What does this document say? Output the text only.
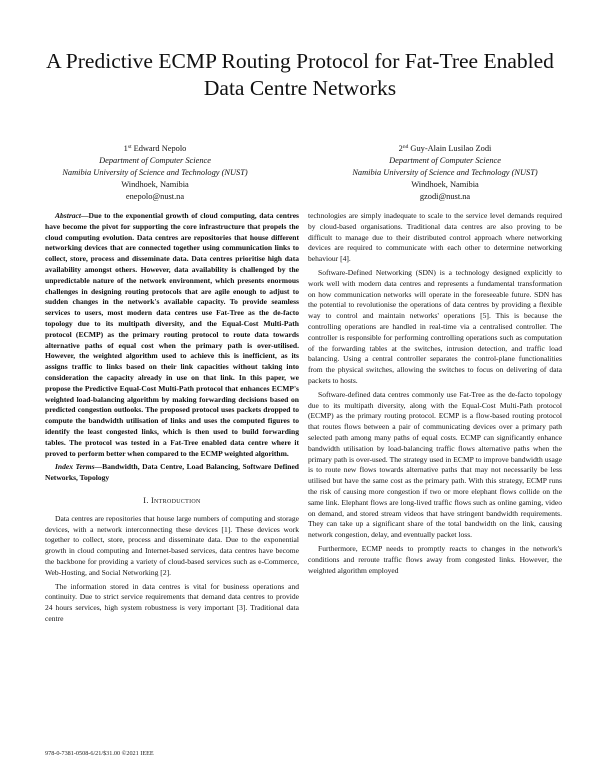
A Predictive ECMP Routing Protocol for Fat-Tree Enabled Data Centre Networks
1st Edward Nepolo
Department of Computer Science
Namibia University of Science and Technology (NUST)
Windhoek, Namibia
enepolo@nust.na
2nd Guy-Alain Lusilao Zodi
Department of Computer Science
Namibia University of Science and Technology (NUST)
Windhoek, Namibia
gzodi@nust.na

Abstract—Due to the exponential growth of cloud computing, data centres have become the pivot for supporting the core infrastructure that propels the cloud computing evolution. Data centres are repositories that house different networking devices that are connected together using communication links to collect, store, process and disseminate data. Data centres prioritise high data availability amongst others. However, data availability is challenged by the unpredictable nature of the network environment, which presents enormous challenges in designing routing protocols that are agile enough to adjust to sudden changes in the network's available capacity. To provide seamless services to users, most modern data centres use Fat-Tree as the de-facto topology due to its multipath diversity, and the Equal-Cost Multi-Path protocol (ECMP) as the primary routing protocol to route data towards alternative paths of equal cost when the primary path is over-utilised. However, the weighted algorithm used to achieve this is inefficient, as its assigns traffic to links based on their link capacities without taking into consideration the capacity already in use on that link. In this paper, we propose the Predictive Equal-Cost Multi-Path protocol that enhances ECMP's weighted load-balancing algorithm by making forwarding decisions based on predicted congestion outlooks. The proposed protocol uses packets dropped to compute the bandwidth utilisation of links and uses the computed figures to identify the least congested links, which is then used to build forwarding tables. The protocol was tested in a Fat-Tree enabled data centre where it proved to perform better when compared to the ECMP weighted algorithm.

Index Terms—Bandwidth, Data Centre, Load Balancing, Software Defined Networks, Topology

I. Introduction

Data centres are repositories that house large numbers of computing and storage devices, with a network interconnecting these devices [1]. These devices work together to collect, store, process and disseminate data. Due to the exponential growth in cloud computing and Internet-based services, data centres have become the backbone for providing a variety of cloud-based services such as e-Commerce, Web-Hosting, and Social Networking [2].

The information stored in data centres is vital for business operations and continuity. Due to strict service requirements that demand data centres to provide 24 hours services, high system robustness is very important [3]. Traditional data centre

technologies are simply inadequate to scale to the service level demands required by cloud-based organisations. Traditional data centres are also proving to be difficult to manage due to their distributed control approach where networking devices are required to communicate with each other to determine networking behaviour [4].

Software-Defined Networking (SDN) is a technology designed explicitly to work well with modern data centres and represents a fundamental transformation on how communication networks will operate in the foreseeable future. SDN has the potential to revolutionise the operations of data centres by providing a flexible way to control and maintain networks' operations [5]. This is because the controlling operations are handled in real-time via a centralised controller. The controller is responsible for performing controlling operations such as computation of the forwarding tables at the switches, intrusion detection, and traffic load balancing. Using a central controller separates the control-plane functionalities from the physical switches, allowing the switches to focus on delivering of data packets to hosts.

Software-defined data centres commonly use Fat-Tree as the de-facto topology due to its multipath diversity, along with the Equal-Cost Multi-Path protocol (ECMP) as the primary routing protocol. ECMP is a flow-based routing protocol that routes flows between a pair of communicating devices over a primary path selected path among many paths of equal costs. ECMP can significantly enhance bandwidth utilisation by load-balancing traffic flows alternative paths when the primary path is over-used. The strategy used in ECMP to improve bandwidth usage is to route new flows towards alternative paths that may not necessarily be less utilised but have the same cost as the primary path. With this strategy, ECMP runs the risk of causing more congestion if two or more elephant flows collide on the same link. Elephant flows are long-lived traffic flows such as online gaming, video on demand, and stored stream videos that have stringent bandwidth requirements. They can take up a significant share of the total bandwidth on the link, causing network congestion, delay, and eventually packet loss.

Furthermore, ECMP needs to promptly reacts to changes in the network's conditions and reroute traffic flows away from congested links. However, the weighted algorithm employed

978-0-7381-0508-6/21/$31.00 ©2021 IEEE
